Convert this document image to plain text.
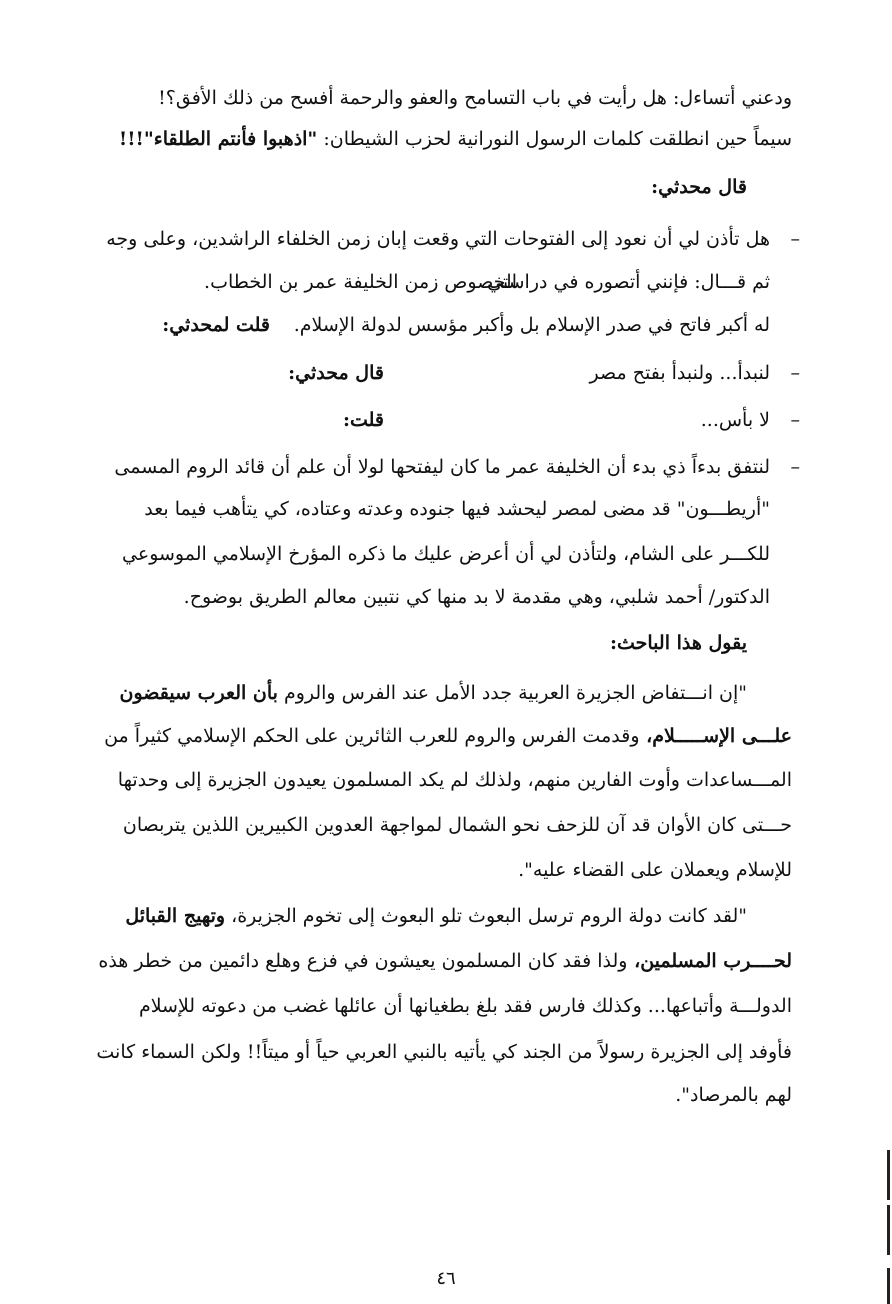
ودعني أتساءل: هل رأيت في باب التسامح والعفو والرحمة أفسح من ذلك الأفق؟!
سيماً حين انطلقت كلمات الرسول النورانية لحزب الشيطان: "اذهبوا فأنتم الطلقاء"!!!
قال محدثي:
–
هل تأذن لي أن نعود إلى الفتوحات التي وقعت إبان زمن الخلفاء الراشدين، وعلى وجه
الخصوص زمن الخليفة عمر بن الخطاب.
ثم قـــال: فإنني أتصوره في دراستي
له أكبر فاتح في صدر الإسلام بل وأكبر مؤسس لدولة الإسلام.
قلت لمحدثي:
–
لنبدأ... ولنبدأ بفتح مصر
قال محدثي:
–
لا بأس...
قلت:
–
لنتفق بدءاً ذي بدء أن الخليفة عمر ما كان ليفتحها لولا أن علم أن قائد الروم المسمى
"أريطـــون" قد مضى لمصر ليحشد فيها جنوده وعدته وعتاده، كي يتأهب فيما بعد
للكـــر على الشام، ولتأذن لي أن أعرض عليك ما ذكره المؤرخ الإسلامي الموسوعي
الدكتور/ أحمد شلبي، وهي مقدمة لا بد منها كي نتبين معالم الطريق بوضوح.
يقول هذا الباحث:
"إن انـــتفاض الجزيرة العربية جدد الأمل عند الفرس والروم بأن العرب سيقضون
علـــى الإســـــلام، وقدمت الفرس والروم للعرب الثائرين على الحكم الإسلامي كثيراً من
المـــساعدات وأوت الفارين منهم، ولذلك لم يكد المسلمون يعيدون الجزيرة إلى وحدتها
حـــتى كان الأوان قد آن للزحف نحو الشمال لمواجهة العدوين الكبيرين اللذين يتربصان
للإسلام ويعملان على القضاء عليه".
"لقد كانت دولة الروم ترسل البعوث تلو البعوث إلى تخوم الجزيرة، وتهيج القبائل
لحــــرب المسلمين، ولذا فقد كان المسلمون يعيشون في فزع وهلع دائمين من خطر هذه
الدولـــة وأتباعها... وكذلك فارس فقد بلغ بطغيانها أن عائلها غضب من دعوته للإسلام
فأوفد إلى الجزيرة رسولاً من الجند كي يأتيه بالنبي العربي حياً أو ميتاً!! ولكن السماء كانت
لهم بالمرصاد".
٤٦
